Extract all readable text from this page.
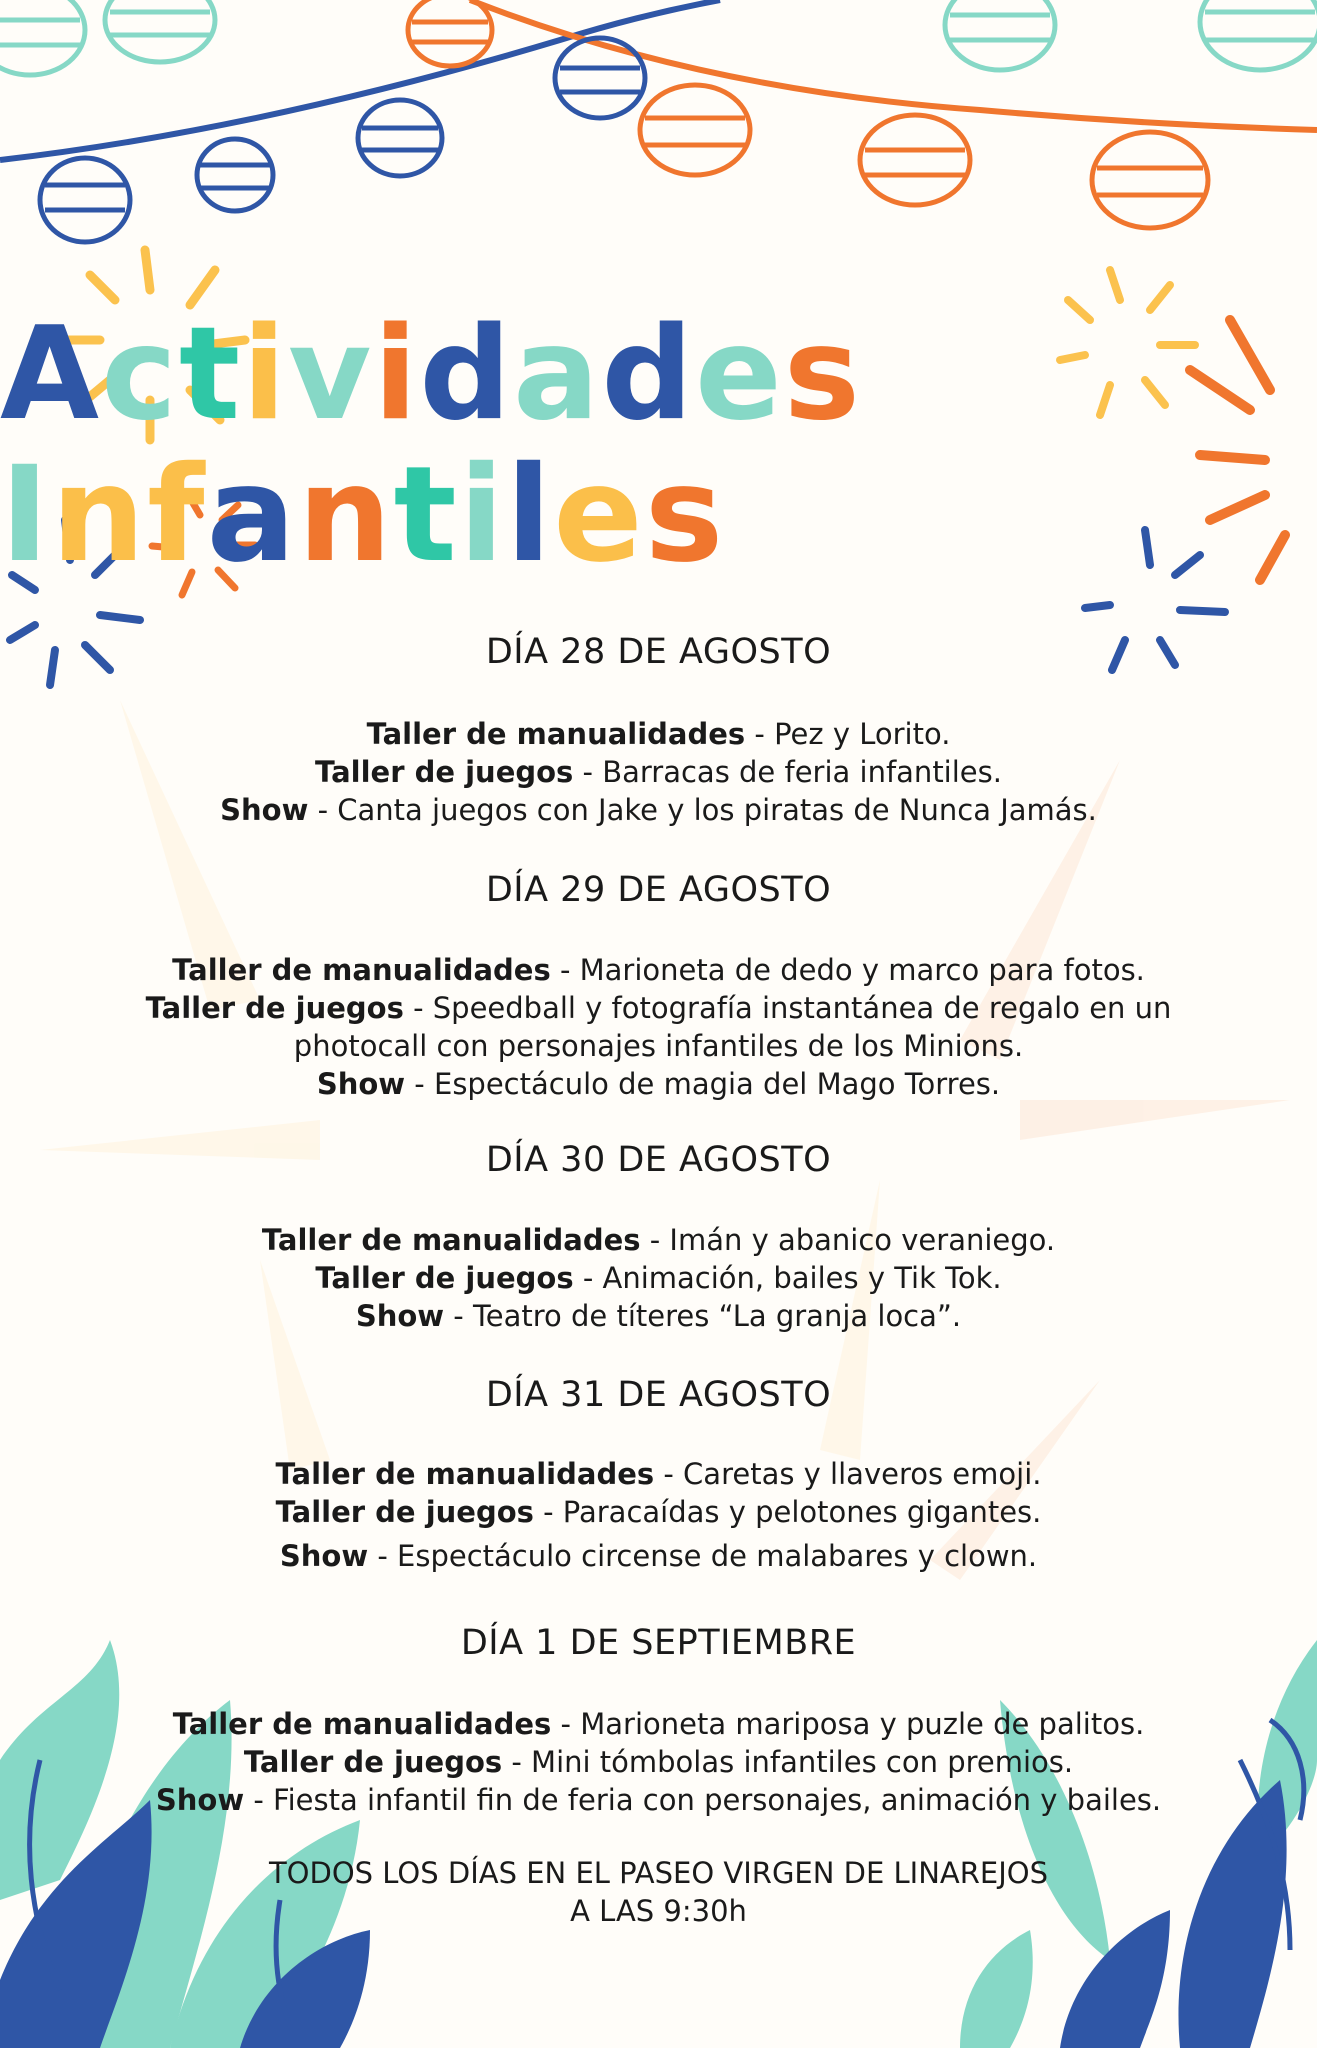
Actividades
Infantiles
DÍA 28 DE AGOSTO
Taller de manualidades - Pez y Lorito.
Taller de juegos - Barracas de feria infantiles.
Show - Canta juegos con Jake y los piratas de Nunca Jamás.
DÍA 29 DE AGOSTO
Taller de manualidades - Marioneta de dedo y marco para fotos.
Taller de juegos - Speedball y fotografía instantánea de regalo en un
photocall con personajes infantiles de los Minions.
Show - Espectáculo de magia del Mago Torres.
DÍA 30 DE AGOSTO
Taller de manualidades - Imán y abanico veraniego.
Taller de juegos - Animación, bailes y Tik Tok.
Show - Teatro de títeres “La granja loca”.
DÍA 31 DE AGOSTO
Taller de manualidades - Caretas y llaveros emoji.
Taller de juegos - Paracaídas y pelotones gigantes.
Show - Espectáculo circense de malabares y clown.
DÍA 1 DE SEPTIEMBRE
Taller de manualidades - Marioneta mariposa y puzle de palitos.
Taller de juegos - Mini tómbolas infantiles con premios.
Show - Fiesta infantil fin de feria con personajes, animación y bailes.
TODOS LOS DÍAS EN EL PASEO VIRGEN DE LINAREJOS
A LAS 9:30h
